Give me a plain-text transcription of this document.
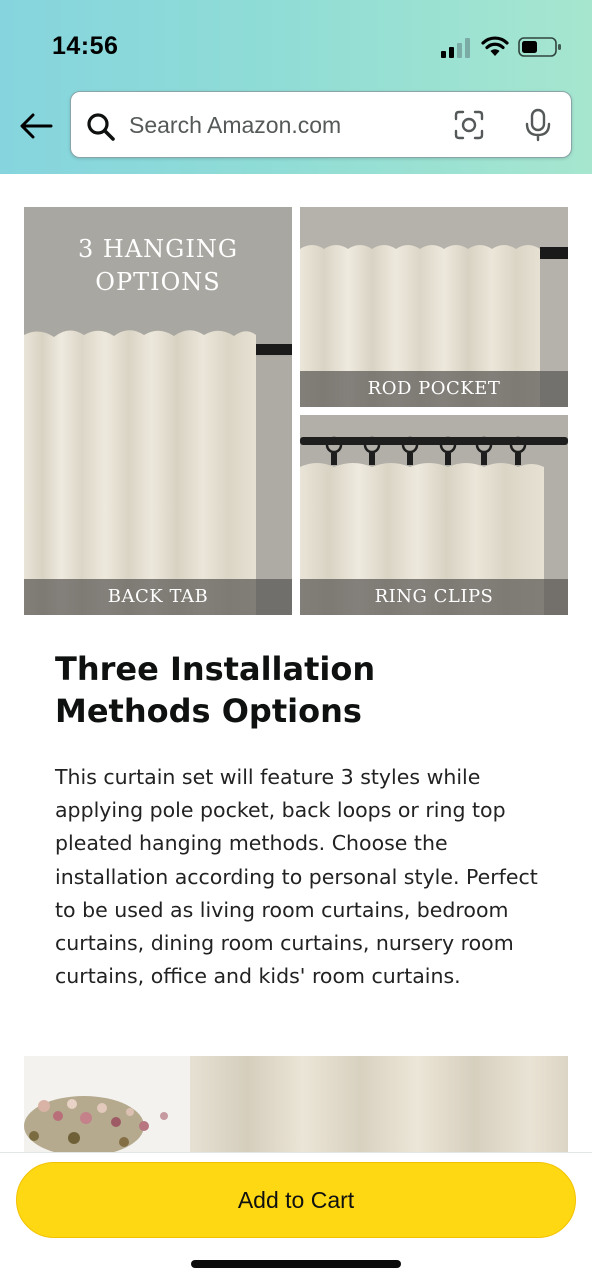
14:56
Search Amazon.com
3 HANGING
OPTIONS
BACK TAB
ROD POCKET
RING CLIPS
Three Installation Methods Options

This curtain set will feature 3 styles while applying pole pocket, back loops or ring top pleated hanging methods. Choose the installation according to personal style. Perfect to be used as living room curtains, bedroom curtains, dining room curtains, nursery room curtains, office and kids' room curtains.

Add to Cart
